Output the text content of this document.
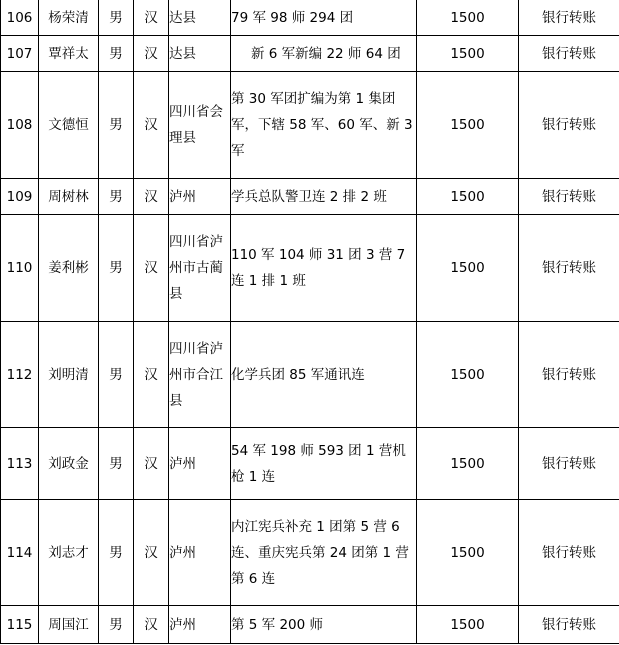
106	杨荣清	男	汉	达县	79 军 98 师 294 团	1500	银行转账
107	覃祥太	男	汉	达县	新 6 军新编 22 师 64 团	1500	银行转账
108	文德恒	男	汉	四川省会理县	第 30 军团扩编为第 1 集团军，下辖 58 军、60 军、新 3 军	1500	银行转账
109	周树林	男	汉	泸州	学兵总队警卫连 2 排 2 班	1500	银行转账
110	姜利彬	男	汉	四川省泸州市古蔺县	110 军 104 师 31 团 3 营 7 连 1 排 1 班	1500	银行转账
112	刘明清	男	汉	四川省泸州市合江县	化学兵团 85 军通讯连	1500	银行转账
113	刘政金	男	汉	泸州	54 军 198 师 593 团 1 营机枪 1 连	1500	银行转账
114	刘志才	男	汉	泸州	内江宪兵补充 1 团第 5 营 6 连、重庆宪兵第 24 团第 1 营第 6 连	1500	银行转账
115	周国江	男	汉	泸州	第 5 军 200 师	1500	银行转账
